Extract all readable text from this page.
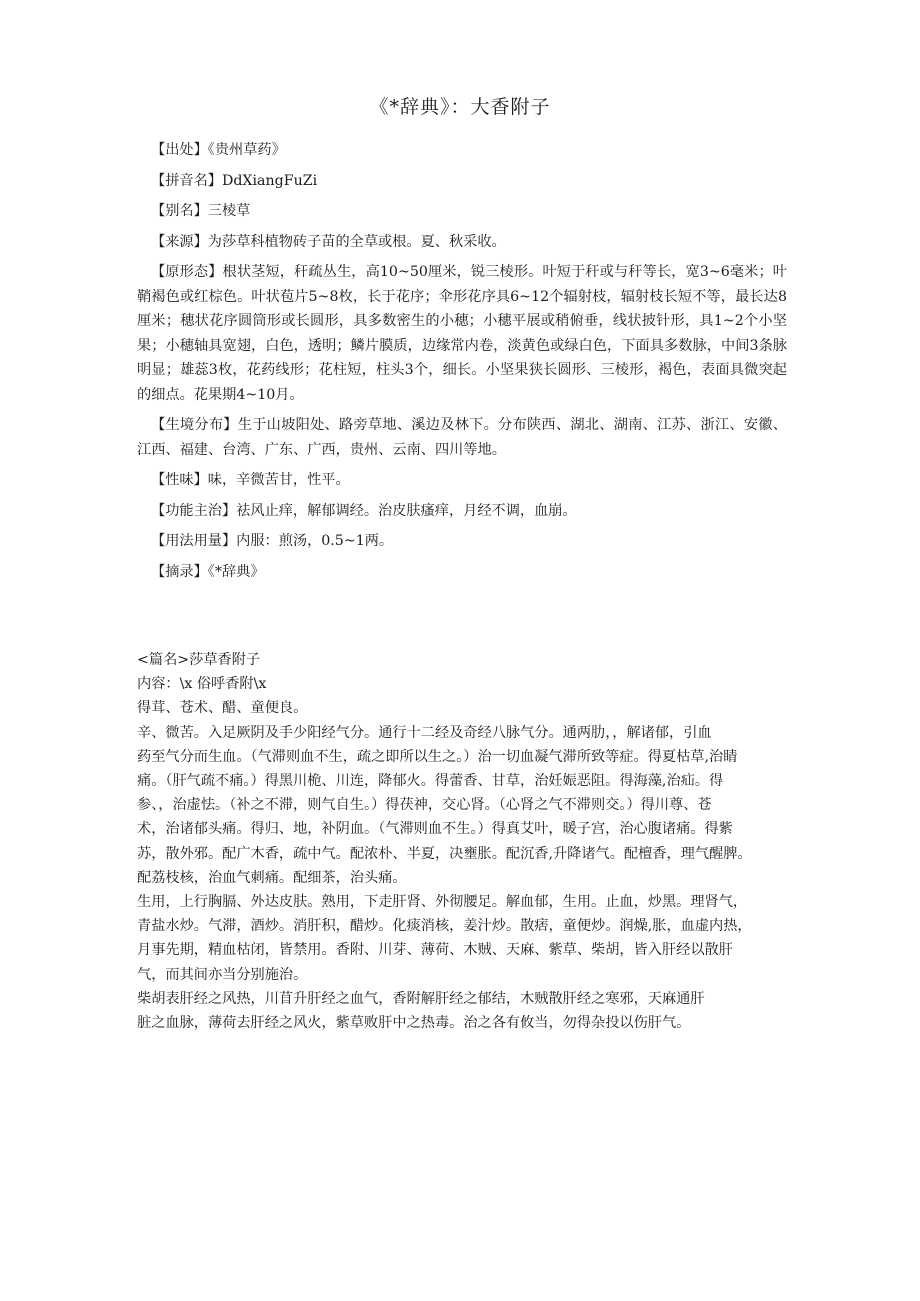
《*辞典》：大香附子

【出处】《贵州草药》

【拼音名】DdXiangFuZi

【别名】三棱草

【来源】为莎草科植物砖子苗的全草或根。夏、秋采收。

【原形态】根状茎短，秆疏丛生，高10~50厘米，锐三棱形。叶短于秆或与秆等长，宽3~6毫米；叶鞘褐色或红棕色。叶状苞片5~8枚，长于花序；伞形花序具6~12个辐射枝，辐射枝长短不等，最长达8厘米；穗状花序圆筒形或长圆形，具多数密生的小穗；小穗平展或稍俯垂，线状披针形，具1~2个小坚果；小穗轴具宽翅，白色，透明；鳞片膜质，边缘常内卷，淡黄色或绿白色，下面具多数脉，中间3条脉明显；雄蕊3枚，花药线形；花柱短，柱头3个，细长。小坚果狭长圆形、三棱形，褐色，表面具微突起的细点。花果期4~10月。

【生境分布】生于山坡阳处、路旁草地、溪边及林下。分布陕西、湖北、湖南、江苏、浙江、安徽、江西、福建、台湾、广东、广西，贵州、云南、四川等地。

【性味】味，辛微苦甘，性平。

【功能主治】祛风止痒，解郁调经。治皮肤瘙痒，月经不调，血崩。

【用法用量】内服：煎汤，0.5~1两。

【摘录】《*辞典》

<篇名>莎草香附子
内容：\x 俗呼香附\x
得茸、苍术、醋、童便良。
辛、微苦。入足厥阴及手少阳经气分。通行十二经及奇经八脉气分。通两肋，，解诸郁，引血
药至气分而生血。（气滞则血不生，疏之即所以生之。）治一切血凝气滞所致等症。得夏枯草,治睛
痛。（肝气疏不痛。）得黑川桅、川连，降郁火。得蕾香、甘草，治妊娠恶阻。得海藻,治疝。得
参、，治虚怯。（补之不滞，则气自生。）得茯神，交心肾。（心肾之气不滞则交。）得川尊、苍
术，治诸郁头痛。得归、地，补阴血。（气滞则血不生。）得真艾叶，暖子宫，治心腹诸痛。得紫
苏，散外邪。配广木香，疏中气。配浓朴、半夏，决壅胀。配沉香,升降诸气。配檀香，理气醒脾。
配荔枝核，治血气刺痛。配细茶，治头痛。
生用，上行胸膈、外达皮肤。熟用，下走肝肾、外彻腰足。解血郁，生用。止血，炒黑。理肾气，
青盐水炒。气滞，酒炒。消肝积，醋炒。化痰消核，姜汁炒。散痞，童便炒。润燥,胀，血虚内热，
月事先期，精血枯闭，皆禁用。香附、川芽、薄荷、木贼、天麻、紫草、柴胡，皆入肝经以散肝
气，而其间亦当分别施治。
柴胡表肝经之风热，川苜升肝经之血气，香附解肝经之郁结，木贼散肝经之寒邪，天麻通肝
脏之血脉，薄荷去肝经之风火，紫草败肝中之热毒。治之各有攸当，勿得杂投以伤肝气。
